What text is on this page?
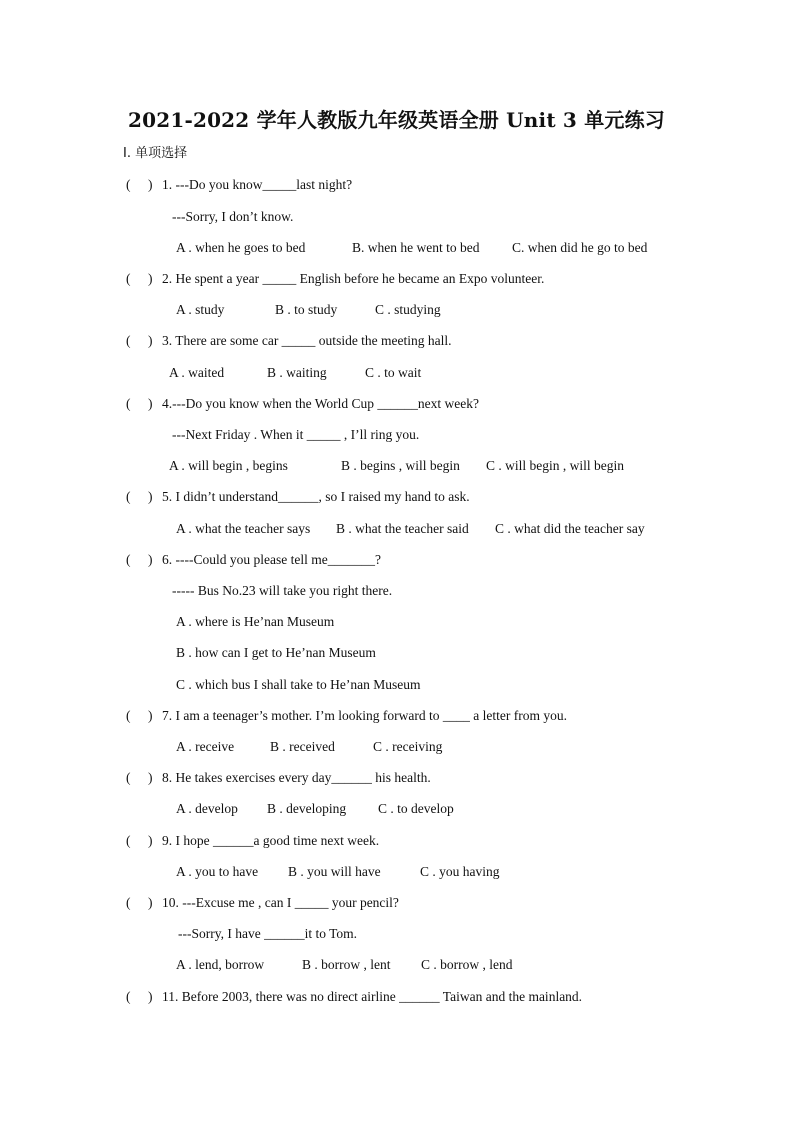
2021-2022 学年人教版九年级英语全册 Unit 3 单元练习
Ⅰ. 单项选择
( ) 1. ---Do you know_____last night?
---Sorry, I don’t know.
A . when he goes to bed	B. when he went to bed C. when did he go to bed
( ) 2. He spent a year _____ English before he became an Expo volunteer.
A . study	B . to study	C . studying
( ) 3. There are some car _____ outside the meeting hall.
A . waited	B . waiting	C . to wait
( ) 4.---Do you know when the World Cup ______next week?
---Next Friday . When it _____ , I’ll ring you.
A . will begin , begins	B . begins , will begin C . will begin , will begin
( ) 5. I didn’t understand______, so I raised my hand to ask.
A . what the teacher says B . what the teacher said C . what did the teacher say
( ) 6. ----Could you please tell me_______?
----- Bus No.23 will take you right there.
A . where is He’nan Museum
B . how can I get to He’nan Museum
C . which bus I shall take to He’nan Museum
( ) 7. I am a teenager’s mother. I’m looking forward to ____ a letter from you.
A . receive	B . received	C . receiving
( ) 8. He takes exercises every day______ his health.
A . develop B . developing C . to develop
( ) 9. I hope ______a good time next week.
A . you to have B . you will have	C . you having
( ) 10. ---Excuse me , can I _____ your pencil?
---Sorry, I have ______it to Tom.
A . lend, borrow	B . borrow , lent C . borrow , lend
( ) 11. Before 2003, there was no direct airline ______ Taiwan and the mainland.
